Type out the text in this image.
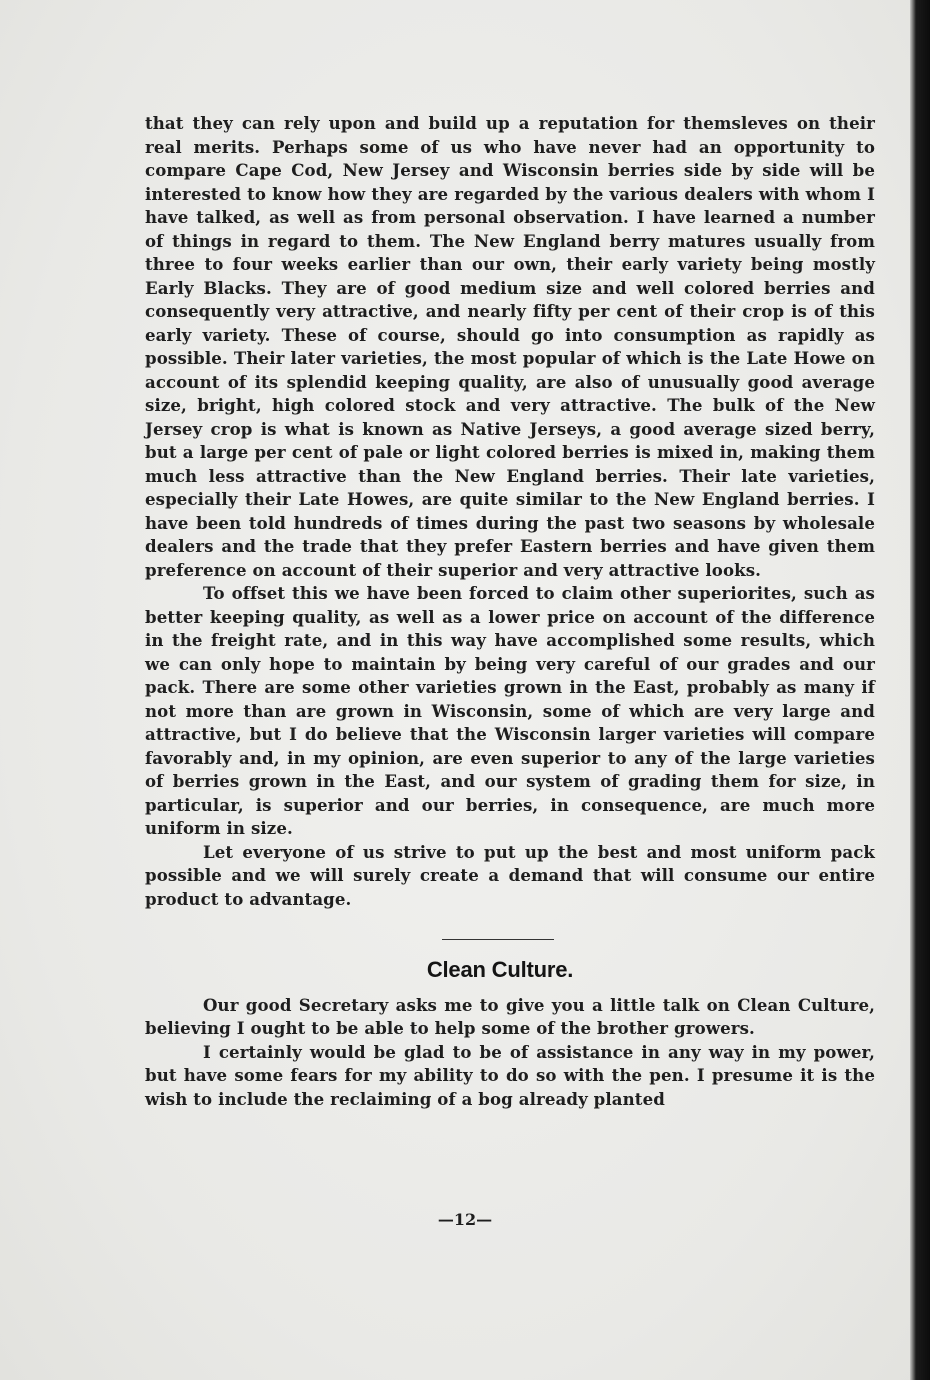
that they can rely upon and build up a reputation for themsleves on their real merits. Perhaps some of us who have never had an opportunity to compare Cape Cod, New Jersey and Wisconsin berries side by side will be interested to know how they are regarded by the various dealers with whom I have talked, as well as from personal observation. I have learned a number of things in regard to them. The New England berry matures usually from three to four weeks earlier than our own, their early variety being mostly Early Blacks. They are of good medium size and well colored berries and consequently very attractive, and nearly fifty per cent of their crop is of this early variety. These of course, should go into consumption as rapidly as possible. Their later varieties, the most popular of which is the Late Howe on account of its splendid keeping quality, are also of unusually good average size, bright, high colored stock and very attractive. The bulk of the New Jersey crop is what is known as Native Jerseys, a good average sized berry, but a large per cent of pale or light colored berries is mixed in, making them much less attractive than the New England berries. Their late varieties, especially their Late Howes, are quite similar to the New England berries. I have been told hundreds of times during the past two seasons by wholesale dealers and the trade that they prefer Eastern berries and have given them preference on account of their superior and very attractive looks.

To offset this we have been forced to claim other superiorites, such as better keeping quality, as well as a lower price on account of the difference in the freight rate, and in this way have accomplished some results, which we can only hope to maintain by being very careful of our grades and our pack. There are some other varieties grown in the East, probably as many if not more than are grown in Wisconsin, some of which are very large and attractive, but I do believe that the Wisconsin larger varieties will compare favorably and, in my opinion, are even superior to any of the large varieties of berries grown in the East, and our system of grading them for size, in particular, is superior and our berries, in consequence, are much more uniform in size.

Let everyone of us strive to put up the best and most uniform pack possible and we will surely create a demand that will consume our entire product to advantage.

Clean Culture.

Our good Secretary asks me to give you a little talk on Clean Culture, believing I ought to be able to help some of the brother growers.

I certainly would be glad to be of assistance in any way in my power, but have some fears for my ability to do so with the pen. I presume it is the wish to include the reclaiming of a bog already planted

—12—
